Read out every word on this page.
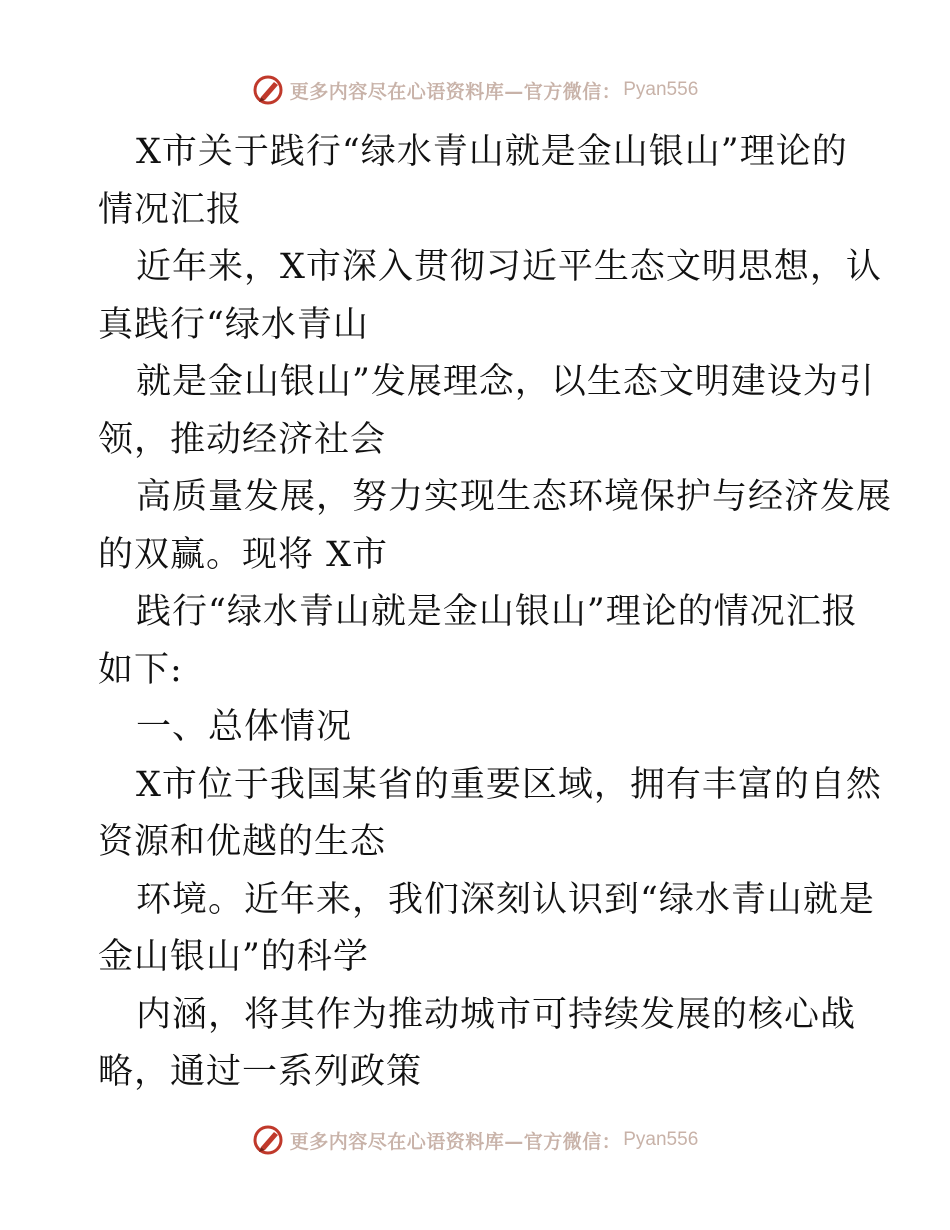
更多内容尽在心语资料库—官方微信： Pyan556
X市关于践行“绿水青山就是金山银山”理论的
情况汇报
近年来，X市深入贯彻习近平生态文明思想，认
真践行“绿水青山
就是金山银山”发展理念，以生态文明建设为引
领，推动经济社会
高质量发展，努力实现生态环境保护与经济发展
的双赢。现将 X市
践行“绿水青山就是金山银山”理论的情况汇报
如下:
一、总体情况
X市位于我国某省的重要区域，拥有丰富的自然
资源和优越的生态
环境。近年来，我们深刻认识到“绿水青山就是
金山银山”的科学
内涵，将其作为推动城市可持续发展的核心战
略，通过一系列政策
更多内容尽在心语资料库—官方微信： Pyan556
